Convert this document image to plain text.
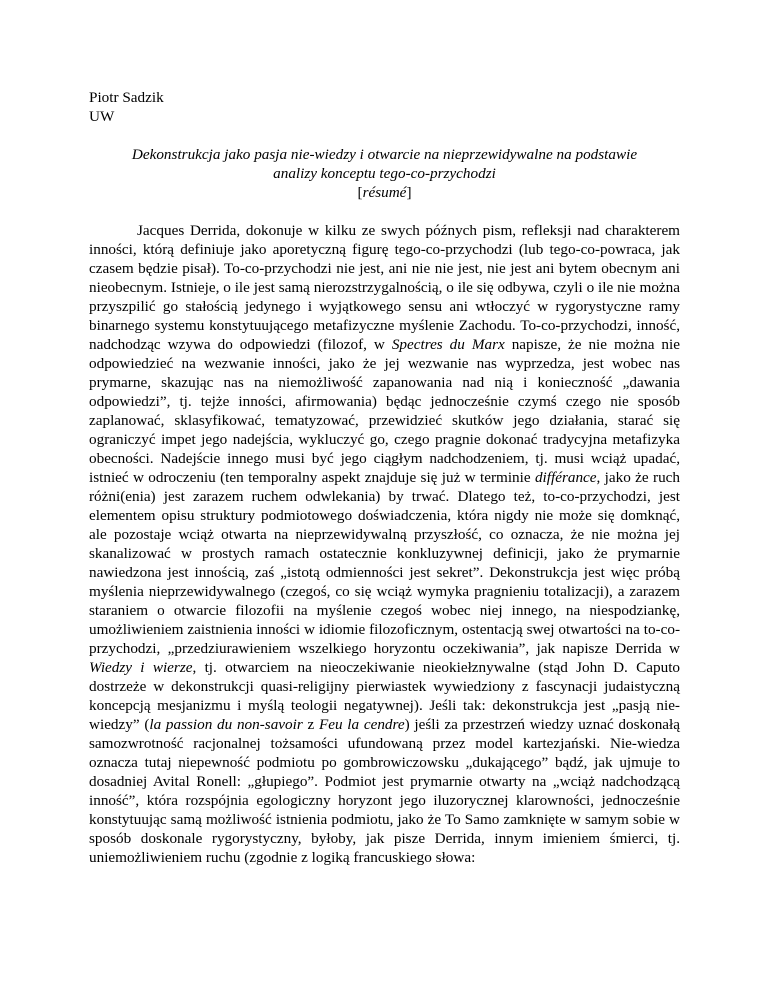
Piotr Sadzik
UW
Dekonstrukcja jako pasja nie-wiedzy i otwarcie na nieprzewidywalne na podstawie
analizy konceptu tego-co-przychodzi
[résumé]

Jacques Derrida, dokonuje w kilku ze swych późnych pism, refleksji nad charakterem inności, którą definiuje jako aporetyczną figurę tego-co-przychodzi (lub tego-co-powraca, jak czasem będzie pisał). To-co-przychodzi nie jest, ani nie nie jest, nie jest ani bytem obecnym ani nieobecnym. Istnieje, o ile jest samą nierozstrzygalnością, o ile się odbywa, czyli o ile nie można przyszpilić go stałością jedynego i wyjątkowego sensu ani wtłoczyć w rygorystyczne ramy binarnego systemu konstytuującego metafizyczne myślenie Zachodu. To-co-przychodzi, inność, nadchodząc wzywa do odpowiedzi (filozof, w Spectres du Marx napisze, że nie można nie odpowiedzieć na wezwanie inności, jako że jej wezwanie nas wyprzedza, jest wobec nas prymarne, skazując nas na niemożliwość zapanowania nad nią i konieczność „dawania odpowiedzi”, tj. tejże inności, afirmowania) będąc jednocześnie czymś czego nie sposób zaplanować, sklasyfikować, tematyzować, przewidzieć skutków jego działania, starać się ograniczyć impet jego nadejścia, wykluczyć go, czego pragnie dokonać tradycyjna metafizyka obecności. Nadejście innego musi być jego ciągłym nadchodzeniem, tj. musi wciąż upadać, istnieć w odroczeniu (ten temporalny aspekt znajduje się już w terminie différance, jako że ruch różni(enia) jest zarazem ruchem odwlekania) by trwać. Dlatego też, to-co-przychodzi, jest elementem opisu struktury podmiotowego doświadczenia, która nigdy nie może się domknąć, ale pozostaje wciąż otwarta na nieprzewidywalną przyszłość, co oznacza, że nie można jej skanalizować w prostych ramach ostatecznie konkluzywnej definicji, jako że prymarnie nawiedzona jest innością, zaś „istotą odmienności jest sekret”. Dekonstrukcja jest więc próbą myślenia nieprzewidywalnego (czegoś, co się wciąż wymyka pragnieniu totalizacji), a zarazem staraniem o otwarcie filozofii na myślenie czegoś wobec niej innego, na niespodziankę, umożliwieniem zaistnienia inności w idiomie filozoficznym, ostentacją swej otwartości na to-co-przychodzi, „przedziurawieniem wszelkiego horyzontu oczekiwania”, jak napisze Derrida w Wiedzy i wierze, tj. otwarciem na nieoczekiwanie nieokiełznywalne (stąd John D. Caputo dostrzeże w dekonstrukcji quasi-religijny pierwiastek wywiedziony z fascynacji judaistyczną koncepcją mesjanizmu i myślą teologii negatywnej). Jeśli tak: dekonstrukcja jest „pasją nie-wiedzy” (la passion du non-savoir z Feu la cendre) jeśli za przestrzeń wiedzy uznać doskonałą samozwrotność racjonalnej tożsamości ufundowaną przez model kartezjański. Nie-wiedza oznacza tutaj niepewność podmiotu po gombrowiczowsku „dukającego” bądź, jak ujmuje to dosadniej Avital Ronell: „głupiego”. Podmiot jest prymarnie otwarty na „wciąż nadchodzącą inność”, która rozspójnia egologiczny horyzont jego iluzorycznej klarowności, jednocześnie konstytuując samą możliwość istnienia podmiotu, jako że To Samo zamknięte w samym sobie w sposób doskonale rygorystyczny, byłoby, jak pisze Derrida, innym imieniem śmierci, tj. uniemożliwieniem ruchu (zgodnie z logiką francuskiego słowa:
